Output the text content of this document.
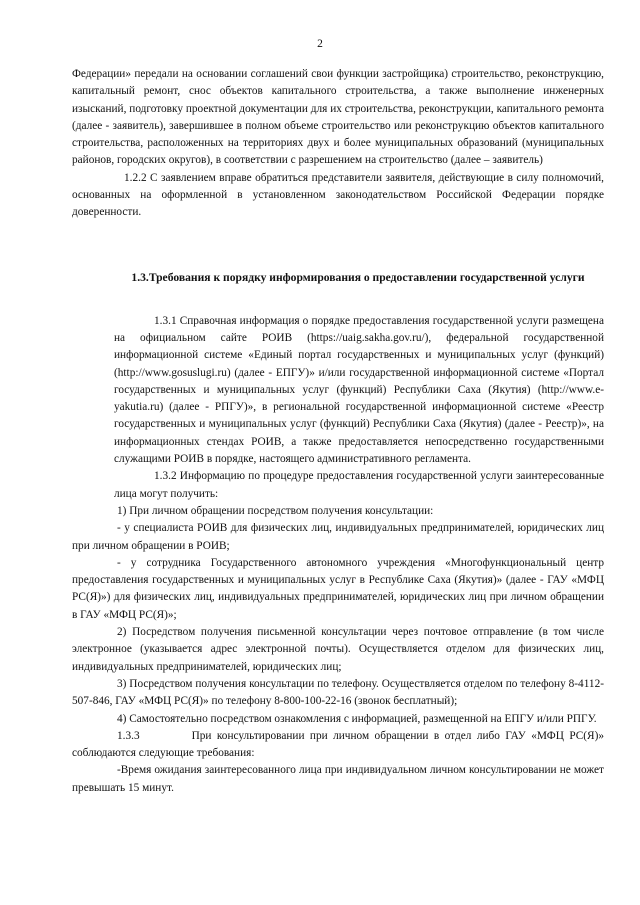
2

Федерации» передали на основании соглашений свои функции застройщика) строительство, реконструкцию, капитальный ремонт, снос объектов капитального строительства, а также выполнение инженерных изысканий, подготовку проектной документации для их строительства, реконструкции, капитального ремонта (далее - заявитель), завершившее в полном объеме строительство или реконструкцию объектов капитального строительства, расположенных на территориях двух и более муниципальных образований (муниципальных районов, городских округов), в соответствии с разрешением на строительство (далее – заявитель)

1.2.2 С заявлением вправе обратиться представители заявителя, действующие в силу полномочий, основанных на оформленной в установленном законодательством Российской Федерации порядке доверенности.

1.3.Требования к порядку информирования о предоставлении государственной услуги

1.3.1 Справочная информация о порядке предоставления государственной услуги размещена на официальном сайте РОИВ (https://uaig.sakha.gov.ru/), федеральной государственной информационной системе «Единый портал государственных и муниципальных услуг (функций) (http://www.gosuslugi.ru) (далее - ЕПГУ)» и/или государственной информационной системе «Портал государственных и муниципальных услуг (функций) Республики Саха (Якутия) (http://www.e-yakutia.ru) (далее - РПГУ)», в региональной государственной информационной системе «Реестр государственных и муниципальных услуг (функций) Республики Саха (Якутия) (далее - Реестр)», на информационных стендах РОИВ, а также предоставляется непосредственно государственными служащими РОИВ в порядке, настоящего административного регламента.

1.3.2 Информацию по процедуре предоставления государственной услуги заинтересованные лица могут получить:

1) При личном обращении посредством получения консультации:

- у специалиста РОИВ для физических лиц, индивидуальных предпринимателей, юридических лиц при личном обращении в РОИВ;

- у сотрудника Государственного автономного учреждения «Многофункциональный центр предоставления государственных и муниципальных услуг в Республике Саха (Якутия)» (далее - ГАУ «МФЦ РС(Я)») для физических лиц, индивидуальных предпринимателей, юридических лиц при личном обращении в ГАУ «МФЦ РС(Я)»;

2) Посредством получения письменной консультации через почтовое отправление (в том числе электронное (указывается адрес электронной почты). Осуществляется отделом для физических лиц, индивидуальных предпринимателей, юридических лиц;

3) Посредством получения консультации по телефону. Осуществляется отделом по телефону 8-4112-507-846, ГАУ «МФЦ РС(Я)» по телефону 8-800-100-22-16 (звонок бесплатный);

4) Самостоятельно посредством ознакомления с информацией, размещенной на ЕПГУ и/или РПГУ.

1.3.3	При консультировании при личном обращении в отдел либо ГАУ «МФЦ РС(Я)» соблюдаются следующие требования:

-Время ожидания заинтересованного лица при индивидуальном личном консультировании не может превышать 15 минут.
